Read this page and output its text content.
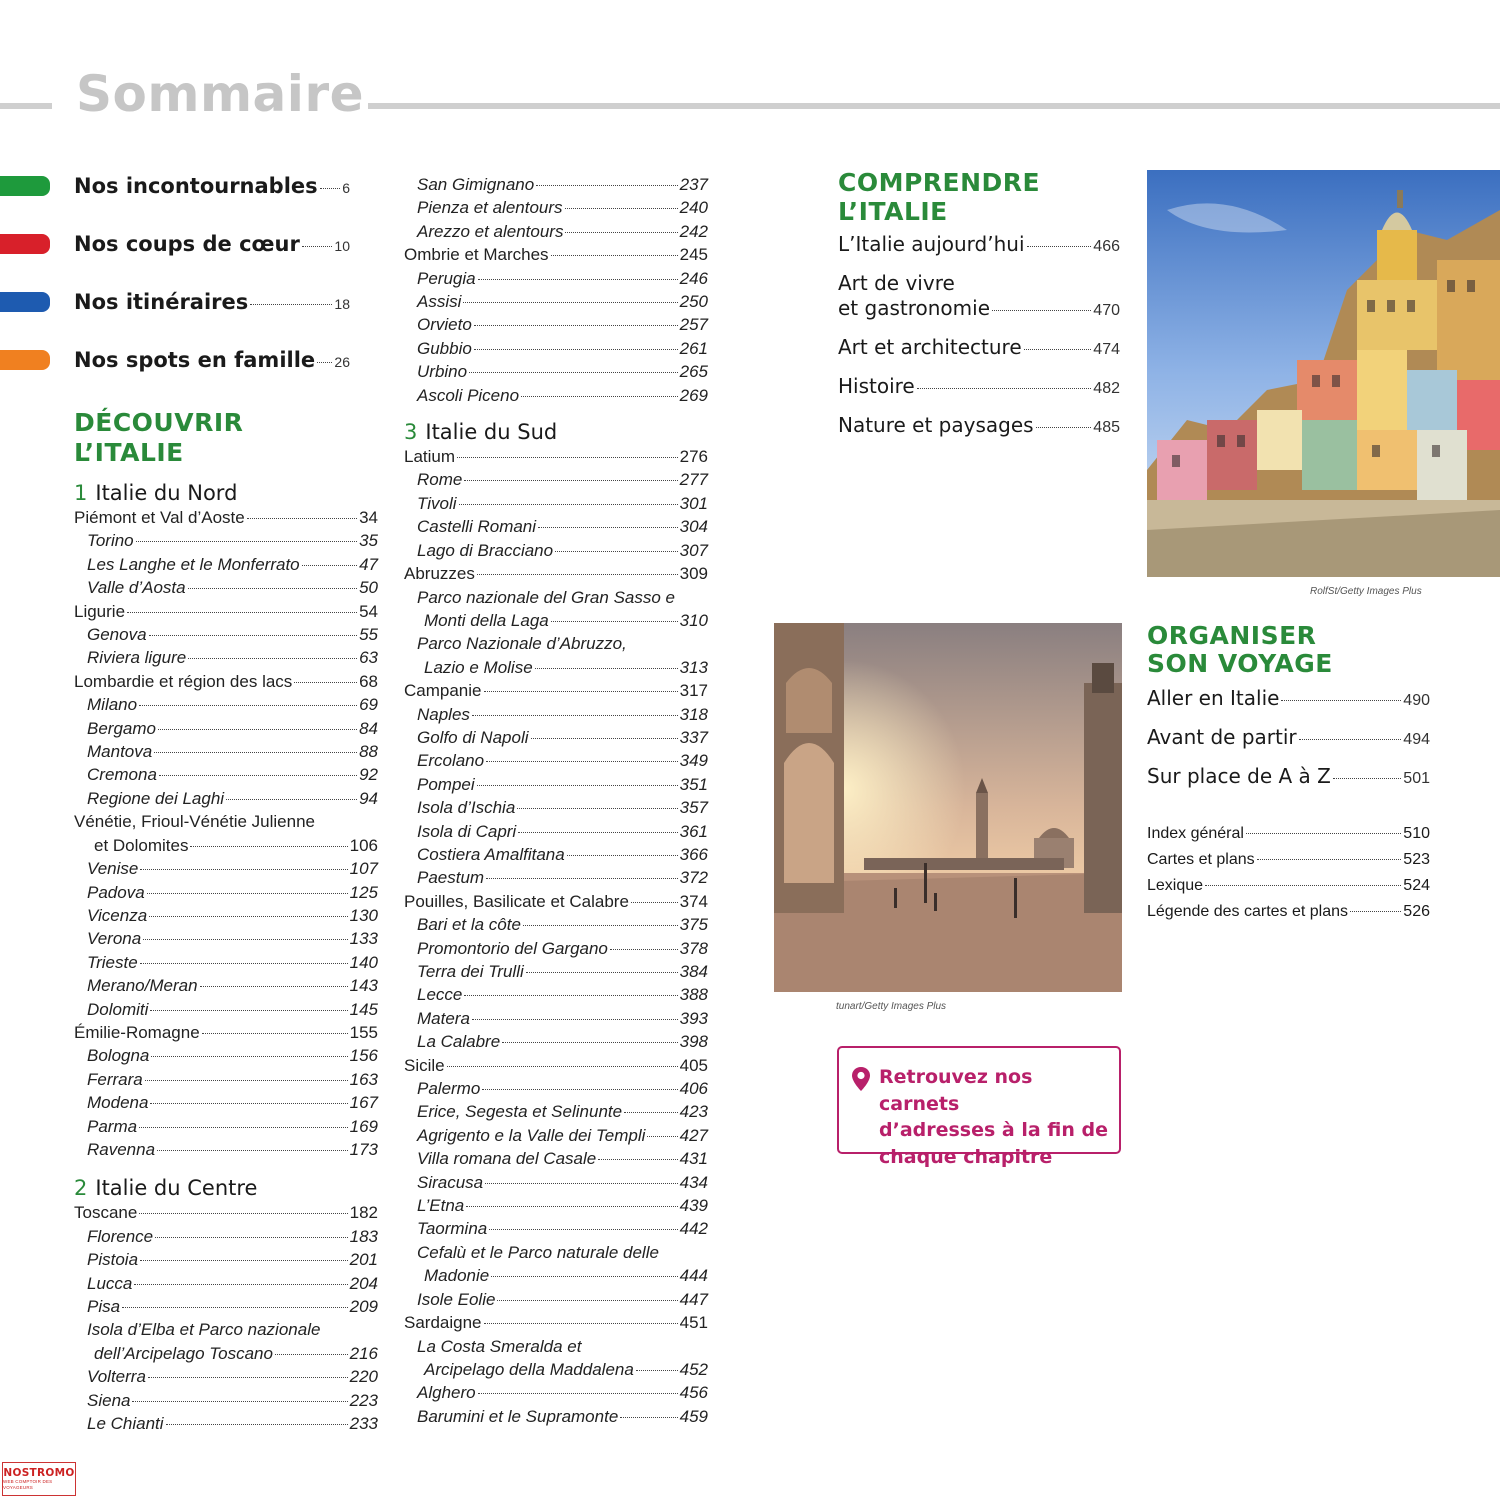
Sommaire
Nos incontournables 6
Nos coups de cœur 10
Nos itinéraires	18
Nos spots en famille 26
DÉCOUVRIR
L’ITALIE
1 Italie du Nord
Piémont et Val d’Aoste	34
Torino	35
Les Langhe et le Monferrato	47
Valle d’Aosta	50
Ligurie	54
Genova	55
Riviera ligure	63
Lombardie et région des lacs	68
Milano	69
Bergamo	84
Mantova	88
Cremona	92
Regione dei Laghi	94
Vénétie, Frioul-Vénétie Julienne
et Dolomites	106
Venise	107
Padova	125
Vicenza	130
Verona	133
Trieste	140
Merano/Meran	143
Dolomiti	145
Émilie-Romagne	155
Bologna	156
Ferrara	163
Modena	167
Parma	169
Ravenna	173
2 Italie du Centre
Toscane	182
Florence	183
Pistoia	201
Lucca	204
Pisa	209
Isola d’Elba et Parco nazionale
dell’Arcipelago Toscano	216
Volterra	220
Siena	223
Le Chianti	233
San Gimignano	237
Pienza et alentours	240
Arezzo et alentours	242
Ombrie et Marches	245
Perugia	246
Assisi	250
Orvieto	257
Gubbio	261
Urbino	265
Ascoli Piceno	269
3 Italie du Sud
Latium	276
Rome	277
Tivoli	301
Castelli Romani	304
Lago di Bracciano	307
Abruzzes	309
Parco nazionale del Gran Sasso e
Monti della Laga	310
Parco Nazionale d’Abruzzo,
Lazio e Molise	313
Campanie	317
Naples	318
Golfo di Napoli	337
Ercolano	349
Pompei	351
Isola d’Ischia	357
Isola di Capri	361
Costiera Amalfitana	366
Paestum	372
Pouilles, Basilicate et Calabre	374
Bari et la côte	375
Promontorio del Gargano	378
Terra dei Trulli	384
Lecce	388
Matera	393
La Calabre	398
Sicile	405
Palermo	406
Erice, Segesta et Selinunte	423
Agrigento e la Valle dei Templi 427
Villa romana del Casale	431
Siracusa	434
L’Etna	439
Taormina	442
Cefalù et le Parco naturale delle
Madonie	444
Isole Eolie	447
Sardaigne	451
La Costa Smeralda et
Arcipelago della Maddalena	452
Alghero	456
Barumini et le Supramonte	459
COMPRENDRE
L’ITALIE
L’Italie aujourd’hui	466
Art de vivre
et gastronomie	470
Art et architecture	474
Histoire	482
Nature et paysages	485
RolfSt/Getty Images Plus
tunart/Getty Images Plus
ORGANISER
SON VOYAGE
Aller en Italie	490
Avant de partir	494
Sur place de A à Z	501
Index général	510
Cartes et plans	523
Lexique	524
Légende des cartes et plans	526
Retrouvez nos carnets
d’adresses à la fin de
chaque chapitre
NOSTROMO
WEB COMPTOIR DES VOYAGEURS
